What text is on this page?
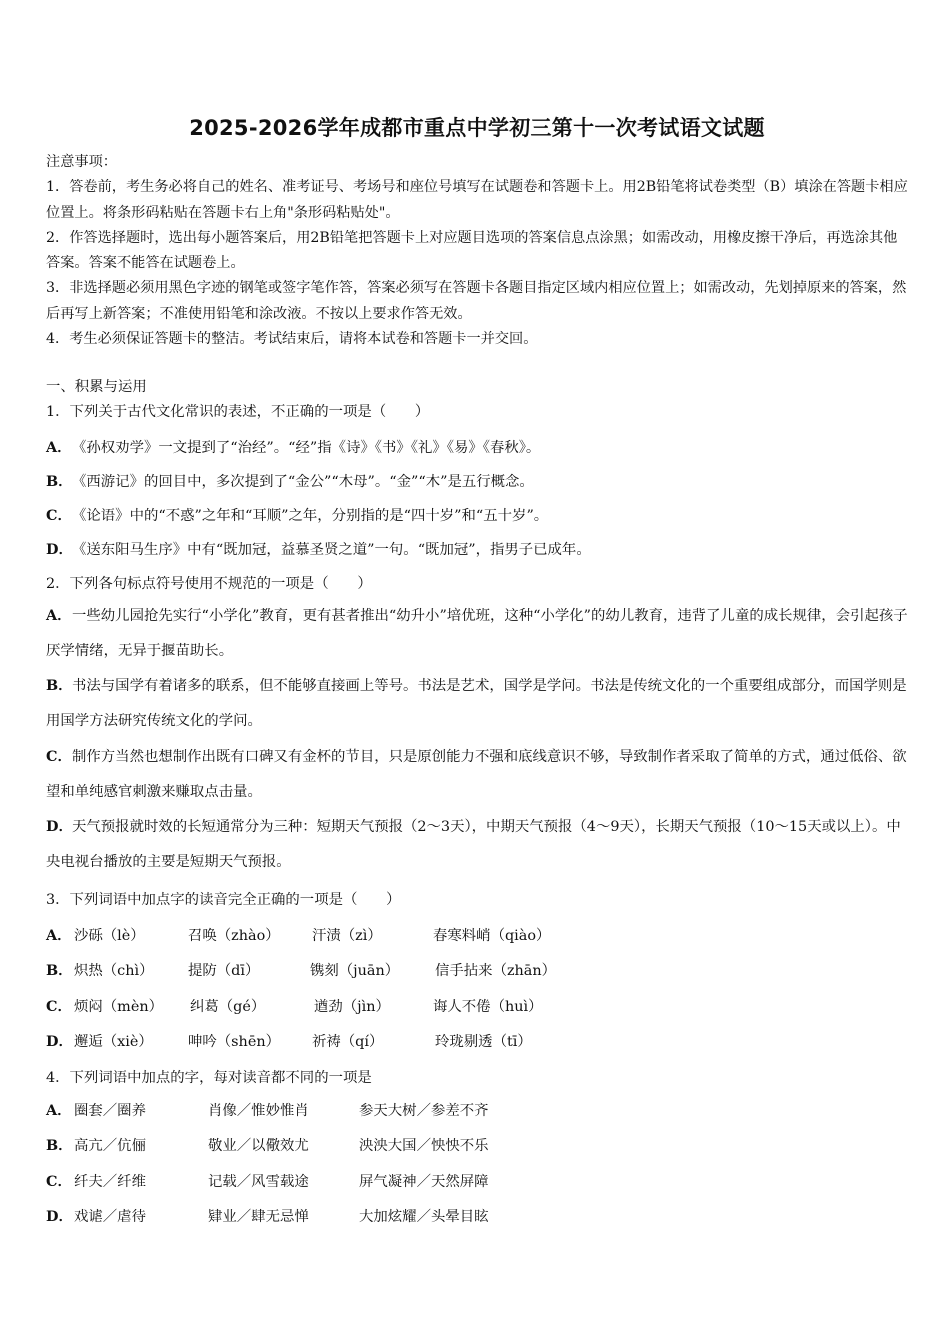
2025-2026学年成都市重点中学初三第十一次考试语文试题
注意事项：
1．答卷前，考生务必将自己的姓名、准考证号、考场号和座位号填写在试题卷和答题卡上。用2B铅笔将试卷类型（B）填涂在答题卡相应位置上。将条形码粘贴在答题卡右上角"条形码粘贴处"。
2．作答选择题时，选出每小题答案后，用2B铅笔把答题卡上对应题目选项的答案信息点涂黑；如需改动，用橡皮擦干净后，再选涂其他答案。答案不能答在试题卷上。
3．非选择题必须用黑色字迹的钢笔或签字笔作答，答案必须写在答题卡各题目指定区域内相应位置上；如需改动，先划掉原来的答案，然后再写上新答案；不准使用铅笔和涂改液。不按以上要求作答无效。
4．考生必须保证答题卡的整洁。考试结束后，请将本试卷和答题卡一并交回。
一、积累与运用
1．下列关于古代文化常识的表述，不正确的一项是（　　）
A．《孙权劝学》一文提到了“治经”。“经”指《诗》《书》《礼》《易》《春秋》。
B．《西游记》的回目中，多次提到了“金公”“木母”。“金”“木”是五行概念。
C．《论语》中的“不惑”之年和“耳顺”之年，分别指的是“四十岁”和“五十岁”。
D．《送东阳马生序》中有“既加冠，益慕圣贤之道”一句。“既加冠”，指男子已成年。
2．下列各句标点符号使用不规范的一项是（　　）
A．一些幼儿园抢先实行“小学化”教育，更有甚者推出“幼升小”培优班，这种“小学化”的幼儿教育，违背了儿童的成长规律，会引起孩子厌学情绪，无异于揠苗助长。
B．书法与国学有着诸多的联系，但不能够直接画上等号。书法是艺术，国学是学问。书法是传统文化的一个重要组成部分，而国学则是用国学方法研究传统文化的学问。
C．制作方当然也想制作出既有口碑又有金杯的节目，只是原创能力不强和底线意识不够，导致制作者采取了简单的方式，通过低俗、欲望和单纯感官刺激来赚取点击量。
D．天气预报就时效的长短通常分为三种：短期天气预报（2～3天），中期天气预报（4～9天），长期天气预报（10～15天或以上）。中央电视台播放的主要是短期天气预报。
3．下列词语中加点字的读音完全正确的一项是（　　）
A． 沙砾（lè）	召唤（zhào） 汗渍（zì）	春寒料峭（qiào）
B． 炽热（chì） 提防（dī）	镌刻（juān） 信手拈来（zhān）
C． 烦闷（mèn） 纠葛（gé）	遒劲（jìn）	诲人不倦（huì）
D． 邂逅（xiè） 呻吟（shēn） 祈祷（qí）	玲珑剔透（tī）
4．下列词语中加点的字，每对读音都不同的一项是
A． 圈套／圈养	肖像／惟妙惟肖	参天大树／参差不齐
B． 高亢／伉俪	敬业／以儆效尤	泱泱大国／怏怏不乐
C． 纤夫／纤维	记载／风雪载途	屏气凝神／天然屏障
D． 戏谑／虐待	肄业／肆无忌惮	大加炫耀／头晕目眩
